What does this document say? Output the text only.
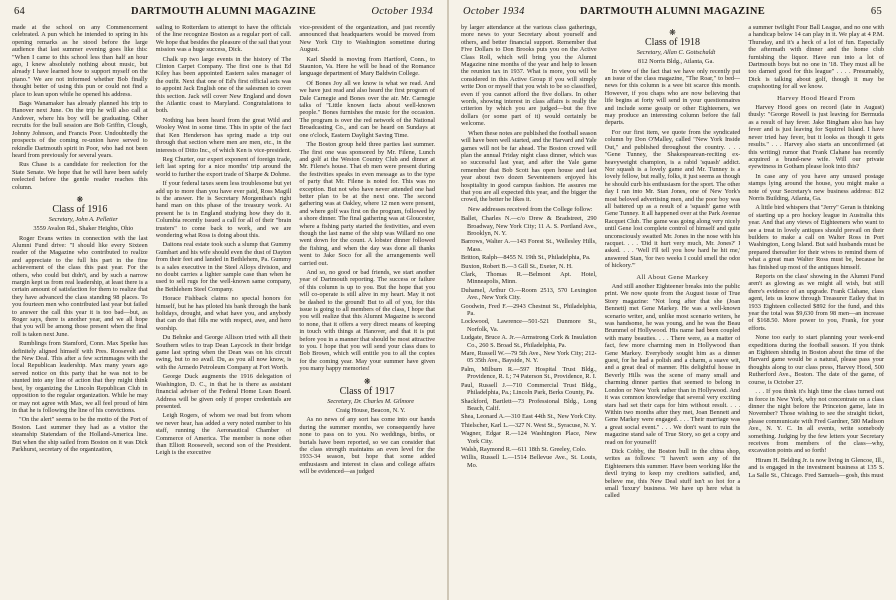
64	DARTMOUTH ALUMNI MAGAZINE	October 1934

made at the school on any Commencement celebrated. A pun which he intended to spring in his opening remarks as he stood before the large audience that last summer evening goes like this: "When I came to this school less than half an hour ago, I knew absolutely nothing about music, but already I have learned how to support myself on the piano." We are not informed whether Bob finally thought better of using this pun or could not find a place to lean upon while he opened his address.

Bags Wanamaker has already planned his trip to Hanover next June. On the trip he will also call at Andover, where his boy will be graduating. Other recruits for the bull session are Bob Griffin, Clough, Johnny Johnson, and Francis Poor. Undoubtedly the prospects of the coming re-union have served to rekindle Dartmouth spirit in Poor, who had not been heard from previously for several years.

Rus Chase is a candidate for reelection for the State Senate. We hope that he will have been safely reelected before the gentle reader reaches this column.

❋
Class of 1916

Secretary, John A. Pelletier

3559 Avalon Rd., Shaker Heights, Ohio

Roger Evans writes in connection with the last Alumni Fund drive: "I should like every Sixteen reader of the Magazine who contributed to realize and appreciate to the full his part in the fine achievement of the class this past year. For the others, who could but didn't, and by such a narrow margin kept us from real leadership, at least there is a certain amount of satisfaction for them to realize that they have advanced the class standing 98 places. To you fourteen men who contributed last year but failed to answer the call this year it is too bad—but, as Roger says, there is another year, and we all hope that you will be among those present when the final roll is taken next June.

Rumblings from Stamford, Conn. Max Speike has definitely aligned himself with Pres. Roosevelt and the New Deal. This after a few scrimmages with the local Republican leadership. Max many years ago served notice on this party that he was not to be stunted into any line of action that they might think best, by organizing the Lincoln Republican Club in opposition to the regular organization. While he may or may not agree with Max, we all feel proud of him in that he is following the line of his convictions.

"On the alert" seems to be the motto of the Port of Boston. Last summer they had as a visitor the steamship Statendam of the Holland-America line. But when the ship sailed from Boston on it was Dick Parkhurst, secretary of the organization,

sailing to Rotterdam to attempt to have the officials of the line recognize Boston as a regular port of call. We hope that besides the pleasure of the sail that your mission was a huge success, Dick.

Chalk up two large events in the history of The Clinton Carpet Company. The first one is that Ed Kiley has been appointed Eastern sales manager of the outfit. Next that one of Ed's first official acts was to appoint Jack English one of the salesmen to cover this section. Jack will cover New England and down the Atlantic coast to Maryland. Congratulations to both.

Nothing has been heard from the great Wild and Wooley West in some time. This in spite of the fact that Ken Henderson has spring made a trip out through that section where men are men, etc., in the interests of Ditto Inc., of which Ken is vice-president.

Reg Churter, our expert exponent of foreign trade, left last spring for a nice months' trip around the world to further the export trade of Sharpe & Dohme.

If your federal taxes seem less troublesome but yet add up to more than you have ever paid, Ross Magill is the answer. He is Secretary Morgenthau's right hand man on this phase of the treasury work. At present he is in England studying how they do it. Columbia recently issued a call for all of their "brain trusters" to come back to work, and we are wondering what Ross is doing about this.

Daitons real estate took such a slump that Gummy Gumbart and his wife should even the dust of Dayton from their feet and landed in Bethlehem, Pa. Gummy is a sales executive in the Steel Alloys division, and no doubt carries a lighter sample case than when he used to sell rugs for the well-known same company, the Bethlehem Steel Company.

Horace Fishback claims no special honors for himself, but he has piloted his bank through the bank holidays, drought, and what have you, and anybody that can do that fills me with respect, awe, and hero worship.

Du Behnke and George Allison tried with all their Southern wiles to trap Dean Laycock in their bridge game last spring when the Dean was on his circuit swing, but to no avail. Du, as you all now know, is with the Armedo Petroleum Company at Fort Worth.

George Duck augments the 1916 delegation of Washington, D. C., in that he is there as assistant financial adviser of the Federal Home Loan Board. Address will be given only if proper credentials are presented.

Leigh Rogers, of whom we read but from whom we never hear, has added a very noted number to his staff, running the Aeronautical Chamber of Commerce of America. The member is none other than Elliott Roosevelt, second son of the President. Leigh is the executive

vice-president of the organization, and just recently announced that headquarters would be moved from New York City to Washington sometime during August.

Karl Shedd is moving from Hartford, Conn., to Staunton, Va. Here he will be head of the Romance language department of Mary Baldwin College.

Of Bones Joy all we know is what we read. And we have just read and also heard the first program of Dale Carnegie and Bones over the air. Mr. Carnegie talks of "Little known facts about well-known people." Bones furnishes the music for the occasion. The program is over the red network of the National Broadcasting Co., and can be heard on Sundays at one o'clock, Eastern Daylight Saving Time.

The Boston group held three parties last summer. The first one was sponsored by Mr. Filene, Lunch and golf at the Weston Country Club and dinner at Mr. Filene's house. That eb men were present during the festivities speaks in even message as to the type of party that Mr. Filene is noted for. This was no exception. But not who have never attended one had better plan to be at the next one. The second gathering was at Oakley, where 12 men were present, and where golf was first on the program, followed by a shore dinner. The final gathering was at Gloucester, where a fishing party started the festivities, and even though the last name of the ship was Willard no one went down for the count. A lobster dinner followed the fishing, and when the day was done all thanks went to Jake Soco for all the arrangements well carried out.

And so, no good or bad friends, we start another year of Dartmouth reporting. The success or failure of this column is up to you. But the hope that you will co-operate is still alive in my heart. May it not be dashed to the ground! But to all of you, for this issue is going to all members of the class, I hope that you will realize that this Alumni Magazine is second to none, that it offers a very direct means of keeping in touch with things at Hanover, and that it is put before you in a manner that should be most attractive to you. I hope that you will send your class dues to Bob Brown, which will entitle you to all the copies for the coming year. May your summer have given you many happy memories!

❋
Class of 1917

Secretary, Dr. Charles M. Gilmore

Craig House, Beacon, N. Y.

As no news of any sort has come into our hands during the summer months, we consequently have none to pass on to you. No weddings, births, or burials have been reported, so we can consider that the class strength maintains an even level for the 1933-34 season, but hope that some added enthusiasm and interest in class and college affairs will be evidenced—as judged

October 1934	DARTMOUTH ALUMNI MAGAZINE	65

by larger attendance at the various class gatherings, more news to your Secretary about yourself and others, and better financial support. Remember that Five Dollars to Don Brooks puts you on the Active Class Roll, which will bring you the Alumni Magazine nine months of the year and help to lessen the reunion tax in 1937. What is more, you will be considered in this Active Group if you will simply write Don or myself that you wish to be so classified, even if you cannot afford the five dollars. In other words, showing interest in class affairs is really the criterion by which you are judged—but the five dollars (or some part of it) would certainly be welcome.

When these notes are published the football season will have been well started, and the Harvard and Yale games will not be far ahead. The Boston crowd will plan the annual Friday night class dinner, which was so successful last year, and after the Yale game remember that Bob Scott has open house and last year about two dozen Seventeeners enjoyed his hospitality in good campus fashion. He assures me that you are all expected this year, and the bigger the crowd, the better he likes it.

New addresses received from the College follow:

Ballet, Charles N.—c/o Drew & Bradstreet, 290 Broadway, New York City; 11 A. S. Portland Ave., Brooklyn, N. Y.

Barrows, Walter A.—143 Forest St., Wellesley Hills, Mass.

Britton, Ralph—8455 N. 19th St., Philadelphia, Pa.

Buxton, Robert B.—3 Gill St., Exeter, N. H.

Clark, Thomas R.—Belmont Apt. Hotel, Minneapolis, Minn.

Duhamel, Arthur O.—Room 2513, 570 Lexington Ave., New York City.

Goodwin, Fred F.—2943 Chestnut St., Philadelphia, Pa.

Lockwood, Lawrence—501-521 Dunmore St., Norfolk, Va.

Ludgate, Bruce A. Jr.—Armstrong Cork & Insulation Co., 260 S. Broad St., Philadelphia, Pa.

Mare, Russell W.—79 5th Ave., New York City; 212-05 35th Ave., Bayside, N. Y.

Palm, Milburn R.—597 Hospital Trust Bldg., Providence, R. I.; 74 Paterson St., Providence, R. I.

Paul, Russell J.—710 Commercial Trust Bldg., Philadelphia, Pa.; Lincoln Park, Berks County, Pa.

Shackford, Bartlett—73 Professional Bldg., Long Beach, Calif.

Shea, Leonard A.—310 East 44th St., New York City.

Thielscher, Karl L.—327 N. West St., Syracuse, N. Y.

Wagner, Edgar R.—124 Washington Place, New York City.

Walsh, Raymond R.—611 18th St. Greeley, Colo.

Willis, Russell L.—1514 Bellevue Ave., St. Louis, Mo.

❋
Class of 1918

Secretary, Allan C. Gottschaldt

812 Norris Bldg., Atlanta, Ga.

In view of the fact that we have only recently put an issue of the class magazine, "The Roar," to bed—news for this column is a wee bit scarce this month. However, if you chaps who are now believing that life begins at forty will send in your questionnaires and include some gossip or other Eighteeners, we may produce an interesting column before the fall departs.

For our first item, we quote from the syndicated column by Don O'Malley, called "New York Inside Out," and published throughout the country. . . . "Gene Tunney, the Shakespearean-reciting ex-heavyweight champion, is a rabid 'squash' addict. Nor squash is a lovely game and Mr. Tunney is a lovely fellow, but really, folks, it just seems as though he should curb his enthusiasm for the sport. The other day I ran into Mr. Stan Jones, one of New York's most beloved advertising men, and the poor boy was all battered up as a result of a 'squash' game with Gene Tunney. It all happened over at the Park Avenue Racquet Club. The game was going along very nicely until Gene lost complete control of himself and quite unconsciously swatted Mr. Jones in the nose with his racquet. . . . 'Did it hurt very much, Mr. Jones?' I asked. . . . 'Well I'll tell you how hard he hit me,' answered Stan, 'for two weeks I could smell the odor of hickory.'"

All About Gene Markey

And still another Eighteener breaks into the public print. We now quote from the August issue of True Story magazine: "Not long after that she (Joan Bennett) met Gene Markey. He was a well-known scenario writer, and, unlike most scenario writers, he was handsome, he was young, and he was the Beau Brummel of Hollywood. His name had been coupled with many beauties. . . . There were, as a matter of fact, few more charming men in Hollywood than Gene Markey. Everybody sought him as a dinner guest, for he had a polish and a charm, a suave wit, and a great deal of manner. His delightful house in Beverly Hills was the scene of many small and charming dinner parties that seemed to belong in London or New York rather than in Hollywood. And it was common knowledge that several very exciting stars had set their caps for him without result. . . . Within two months after they met, Joan Bennett and Gene Markey were engaged. . . . Their marriage was a great social event." . . . We don't want to ruin the magazine stand sale of True Story, so get a copy and read on for yourself!

Dick Cobby, the Boston bull in the china shop, writes as follows: "I haven't seen any of the Eighteeners this summer. Have been working like the devil trying to keep my creditors satisfied, and, believe me, this New Deal stuff isn't so hot for a small 'luxury' business. We have up here what is called

a summer twilight Four Ball League, and no one with a handicap below 14 can play in it. We play at 4 P.M. Thursday, and it's a heck of a lot of fun. Especially the aftermath with dinner and the home club furnishing the liquor. Have run into a lot of Dartmouth boys but no one in '18. They must all be too darned good for this league" . . . . Presumably, Dick is talking about golf, though it may be crapshooting for all we know.

Harvey Hood Heard From

Harvey Hood goes on record (late in August) thusly: "George Rowell is just leaving for Bermuda as a result of hay fever. Jake Bingham also has hay fever and is just leaving for Squirrel Island. I have never tried hay fever, but it looks as though it gets results." . . . Harvey also starts an unconfirmed (at this writing) rumor that Frank Clahane has recently acquired a brand-new wife. Will our private eyewitness in Gotham please look into this?

In case any of you have any unused postage stamps lying around the house, you might make a note of your Secretary's new business address: 812 Norris Building, Atlanta, Ga.

A little bird whispers that "Jerry" Geran is thinking of starting up a pro hockey league in Australia this year. And that any views of Eighteeners who want to see a treat in lovely antiques should prevail on their builders to make a call on Walter Ross in Port Washington, Long Island. But said husbands must be prepared thereafter for their wives to remind them of what a great man Walter Ross must be, because he has finished up most of the antiques himself.

Reports on the class' showing in the Alumni Fund aren't as glowing as we might all wish, but still there's evidence of an upgrade. Frank Clahane, class agent, lets us know through Treasurer Eatley that in 1933 Eighteen collected $892 for the fund, and this year the total was $9,630 from 98 men—an increase of $168.50. More power to you, Frank, for your efforts.

None too early to start planning your week-end expeditions during the football season. If you think an Eighteen shindig in Boston about the time of the Harvard game would be a natural, please pass your thoughts along to our class press, Harvey Hood, 500 Rutherford Ave., Boston. The date of the game, of course, is October 27.

. . . If you think it's high time the class turned out in force in New York, why not concentrate on a class dinner the night before the Princeton game, late in November? Those wishing to see the straight ticket, please communicate with Fred Gardner, 580 Madison Ave., N. Y. C. In all events, write somebody something. Judging by the few letters your Secretary receives from members of the class—why, excavation points and so forth!

Hiram H. Belding Jr. is now living in Glencoe, Ill., and is engaged in the investment business at 135 S. La Salle St., Chicago. Fred Samuels—gosh, this must
